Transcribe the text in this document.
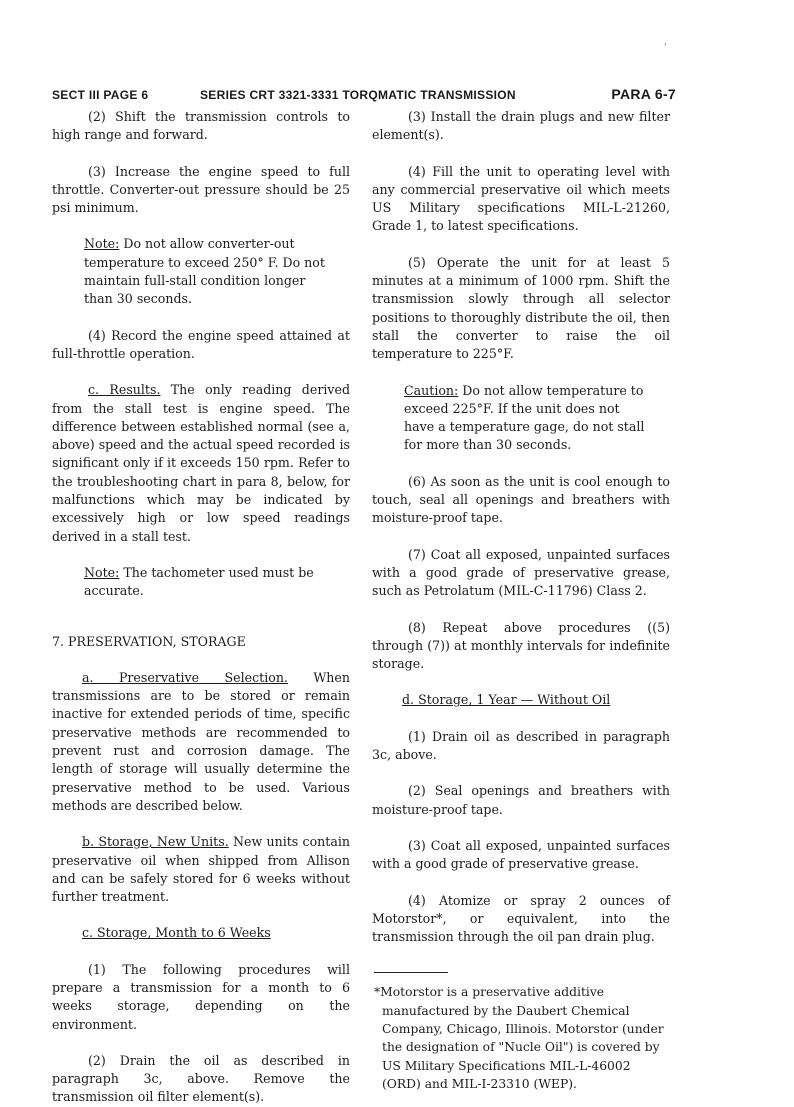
,
SECT III PAGE 6	SERIES CRT 3321-3331 TORQMATIC TRANSMISSION	PARA 6-7

(2) Shift the transmission controls to high range and forward.

(3) Increase the engine speed to full throttle. Converter-out pressure should be 25 psi minimum.

Note: Do not allow converter-out temperature to exceed 250° F. Do not maintain full-stall condition longer than 30 seconds.

(4) Record the engine speed attained at full-throttle operation.

c. Results. The only reading derived from the stall test is engine speed. The difference between established normal (see a, above) speed and the actual speed recorded is significant only if it exceeds 150 rpm. Refer to the troubleshooting chart in para 8, below, for malfunctions which may be indicated by excessively high or low speed readings derived in a stall test.

Note: The tachometer used must be accurate.

7. PRESERVATION, STORAGE

a. Preservative Selection. When transmissions are to be stored or remain inactive for extended periods of time, specific preservative methods are recommended to prevent rust and corrosion damage. The length of storage will usually determine the preservative method to be used. Various methods are described below.

b. Storage, New Units. New units contain preservative oil when shipped from Allison and can be safely stored for 6 weeks without further treatment.

c. Storage, Month to 6 Weeks

(1) The following procedures will prepare a transmission for a month to 6 weeks storage, depending on the environment.

(2) Drain the oil as described in paragraph 3c, above. Remove the transmission oil filter element(s).

(3) Install the drain plugs and new filter element(s).

(4) Fill the unit to operating level with any commercial preservative oil which meets US Military specifications MIL-L-21260, Grade 1, to latest specifications.

(5) Operate the unit for at least 5 minutes at a minimum of 1000 rpm. Shift the transmission slowly through all selector positions to thoroughly distribute the oil, then stall the converter to raise the oil temperature to 225°F.

Caution: Do not allow temperature to exceed 225°F. If the unit does not have a temperature gage, do not stall for more than 30 seconds.

(6) As soon as the unit is cool enough to touch, seal all openings and breathers with moisture-proof tape.

(7) Coat all exposed, unpainted surfaces with a good grade of preservative grease, such as Petrolatum (MIL-C-11796) Class 2.

(8) Repeat above procedures ((5) through (7)) at monthly intervals for indefinite storage.

d. Storage, 1 Year — Without Oil

(1) Drain oil as described in paragraph 3c, above.

(2) Seal openings and breathers with moisture-proof tape.

(3) Coat all exposed, unpainted surfaces with a good grade of preservative grease.

(4) Atomize or spray 2 ounces of Motorstor*, or equivalent, into the transmission through the oil pan drain plug.

*Motorstor is a preservative additive manufactured by the Daubert Chemical Company, Chicago, Illinois. Motorstor (under the designation of "Nucle Oil") is covered by US Military Specifications MIL-L-46002 (ORD) and MIL-I-23310 (WEP).
